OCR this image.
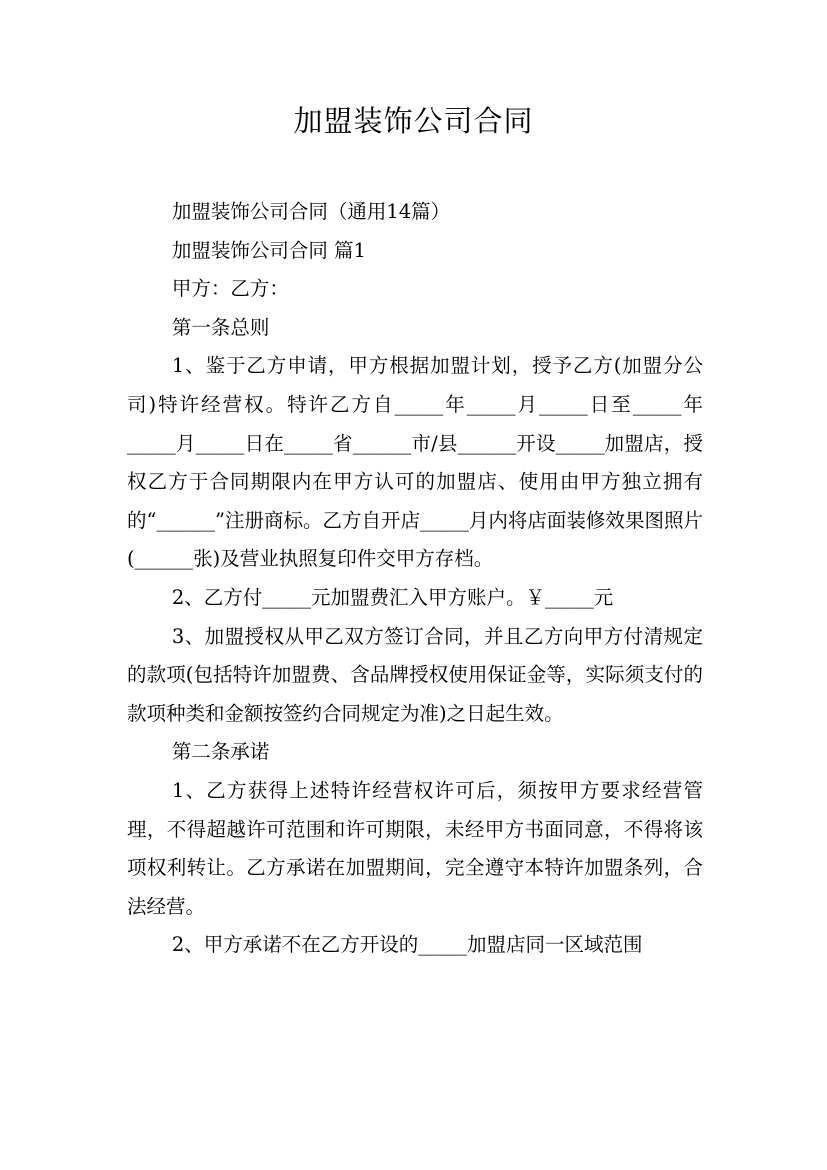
加盟装饰公司合同

加盟装饰公司合同（通用14篇）

加盟装饰公司合同 篇1

甲方：乙方：

第一条总则

1、鉴于乙方申请，甲方根据加盟计划，授予乙方(加盟分公司)特许经营权。特许乙方自_____年_____月_____日至_____年_____月_____日在_____省______市/县______开设_____加盟店，授权乙方于合同期限内在甲方认可的加盟店、使用由甲方独立拥有的“______”注册商标。乙方自开店_____月内将店面装修效果图照片(______张)及营业执照复印件交甲方存档。

2、乙方付_____元加盟费汇入甲方账户。￥_____元

3、加盟授权从甲乙双方签订合同，并且乙方向甲方付清规定的款项(包括特许加盟费、含品牌授权使用保证金等，实际须支付的款项种类和金额按签约合同规定为准)之日起生效。

第二条承诺

1、乙方获得上述特许经营权许可后，须按甲方要求经营管理，不得超越许可范围和许可期限，未经甲方书面同意，不得将该项权利转让。乙方承诺在加盟期间，完全遵守本特许加盟条列，合法经营。

2、甲方承诺不在乙方开设的_____加盟店同一区域范围
